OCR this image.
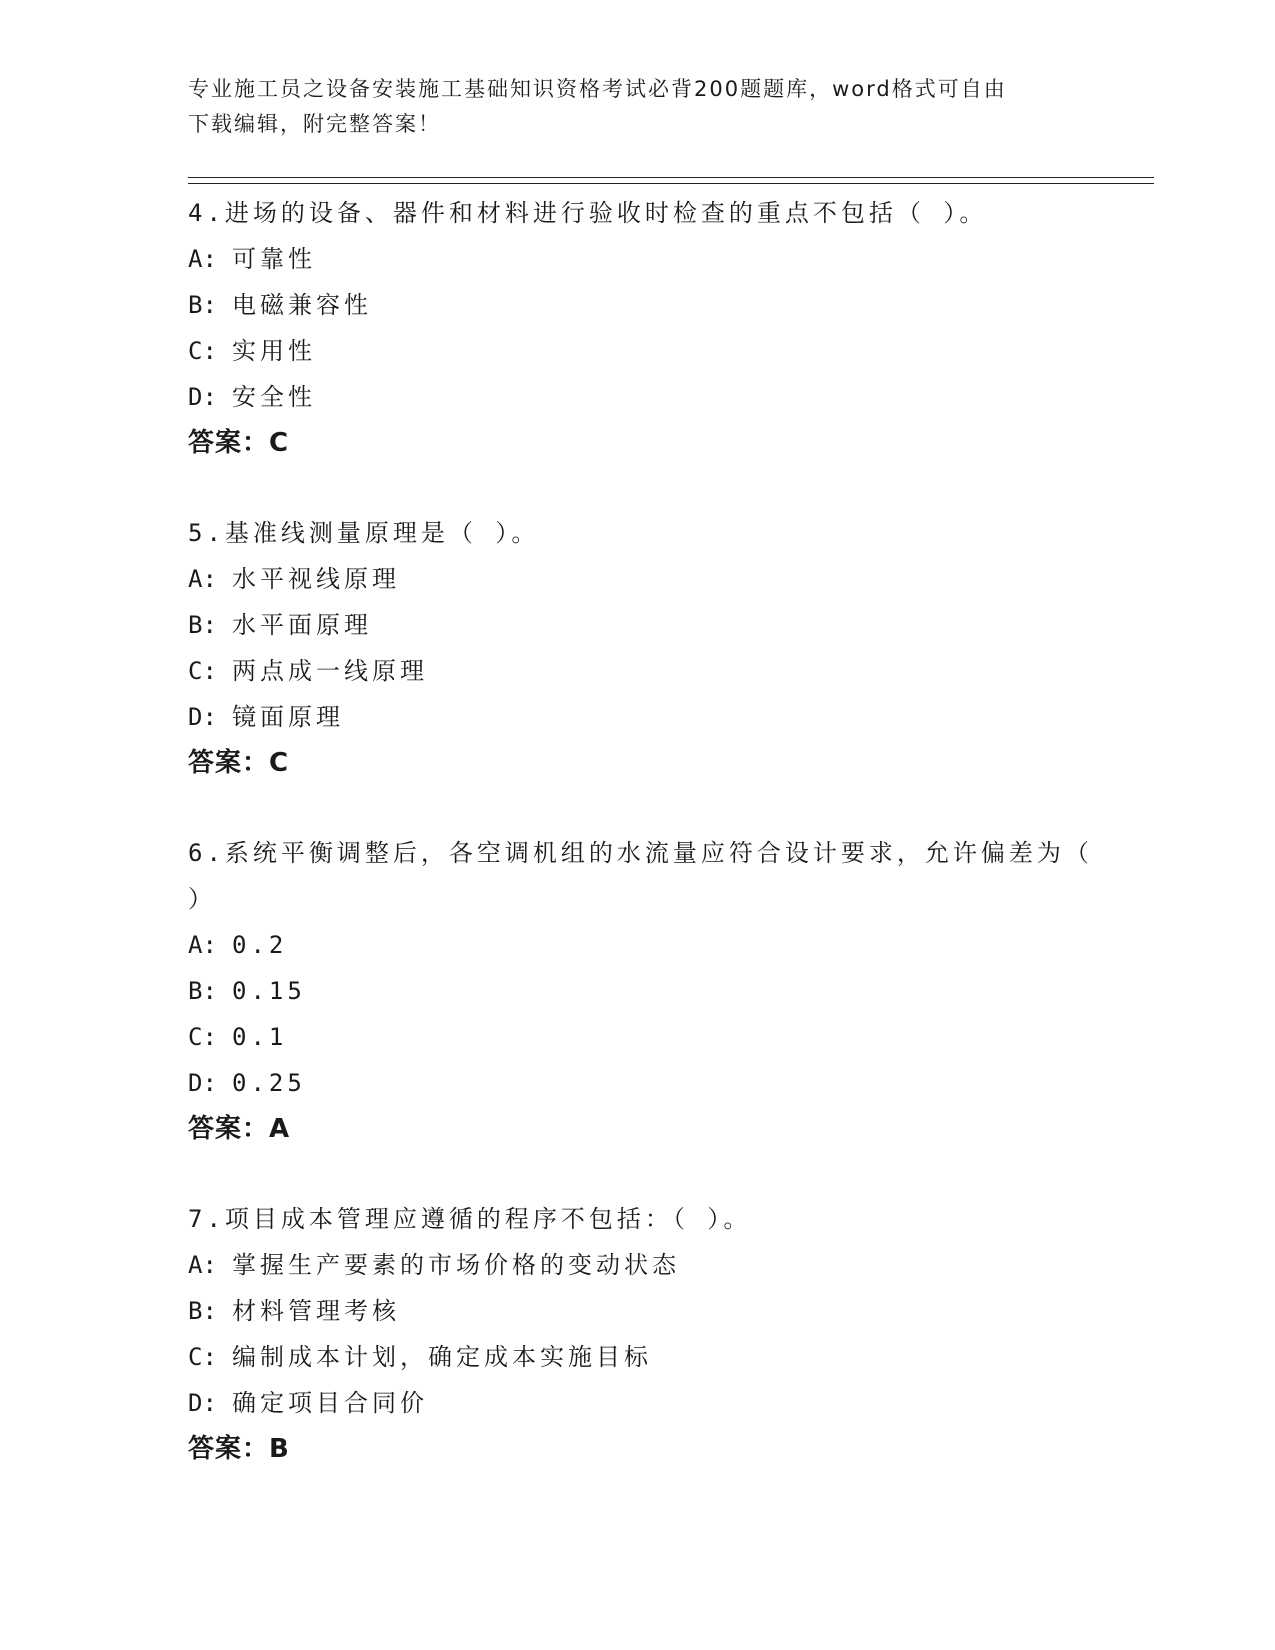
专业施工员之设备安装施工基础知识资格考试必背200题题库，word格式可自由
下载编辑，附完整答案！
4.进场的设备、器件和材料进行验收时检查的重点不包括（ ）。
A: 可靠性
B: 电磁兼容性
C: 实用性
D: 安全性
答案：C
5.基准线测量原理是（ ）。
A: 水平视线原理
B: 水平面原理
C: 两点成一线原理
D: 镜面原理
答案：C
6.系统平衡调整后，各空调机组的水流量应符合设计要求，允许偏差为（ ）
A: 0.2
B: 0.15
C: 0.1
D: 0.25
答案：A
7.项目成本管理应遵循的程序不包括：（ ）。
A: 掌握生产要素的市场价格的变动状态
B: 材料管理考核
C: 编制成本计划，确定成本实施目标
D: 确定项目合同价
答案：B
